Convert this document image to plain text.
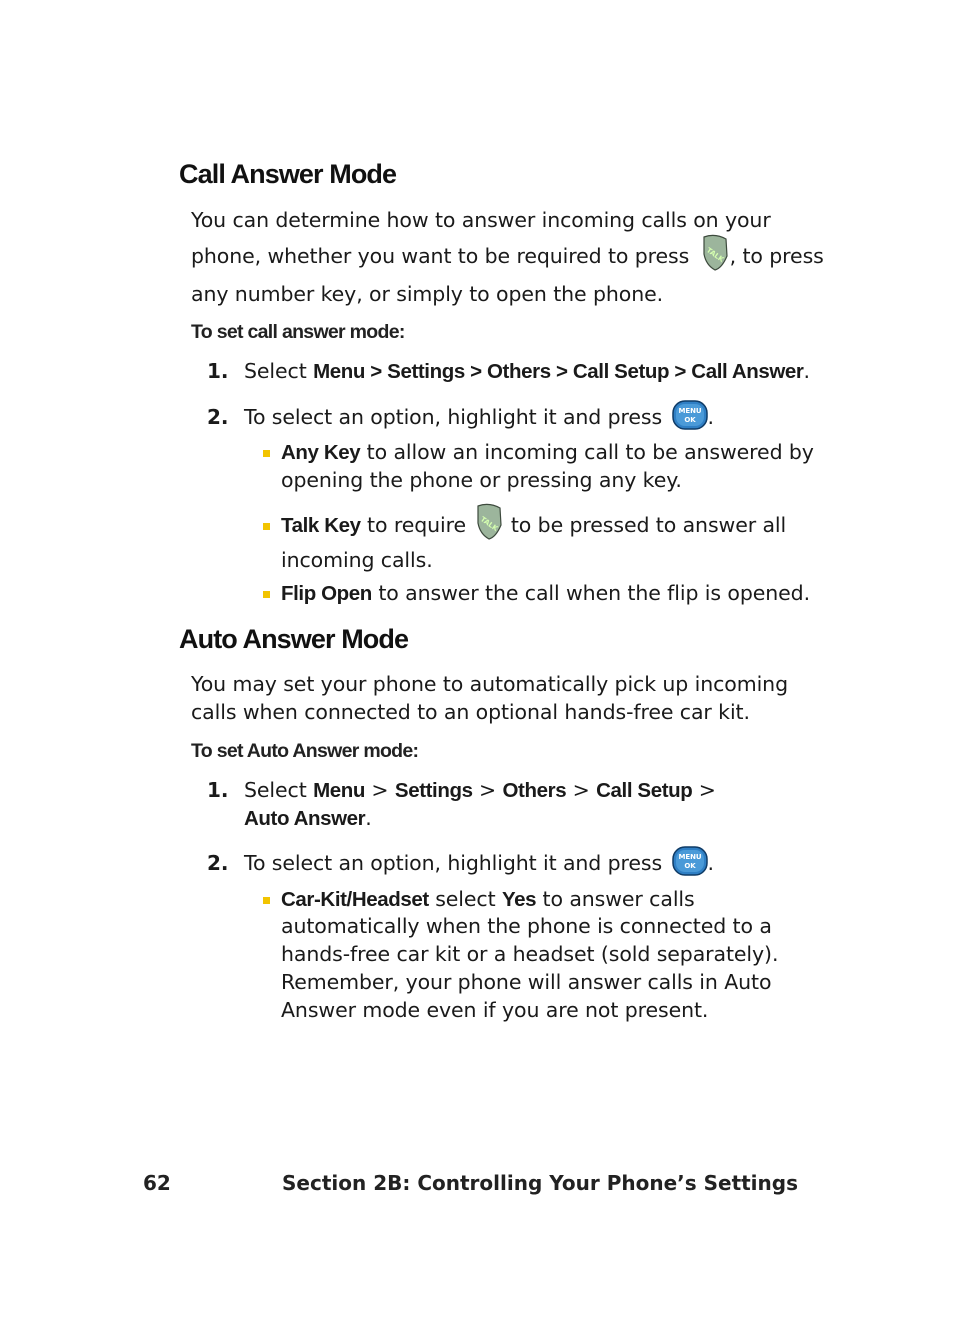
Call Answer Mode
You can determine how to answer incoming calls on your
phone, whether you want to be required to press TALK , to press
any number key, or simply to open the phone.
To set call answer mode:
1. Select Menu > Settings > Others > Call Setup > Call Answer.
2. To select an option, highlight it and press MENU
OK .
Any Key to allow an incoming call to be answered by
opening the phone or pressing any key.
Talk Key to require TALK to be pressed to answer all
incoming calls.
Flip Open to answer the call when the flip is opened.
Auto Answer Mode
You may set your phone to automatically pick up incoming
calls when connected to an optional hands-free car kit.
To set Auto Answer mode:
1. Select Menu > Settings > Others > Call Setup >
Auto Answer.
2. To select an option, highlight it and press MENU
OK .
Car-Kit/Headset select Yes to answer calls
automatically when the phone is connected to a
hands-free car kit or a headset (sold separately).
Remember, your phone will answer calls in Auto
Answer mode even if you are not present.
62	Section 2B: Controlling Your Phone’s Settings
